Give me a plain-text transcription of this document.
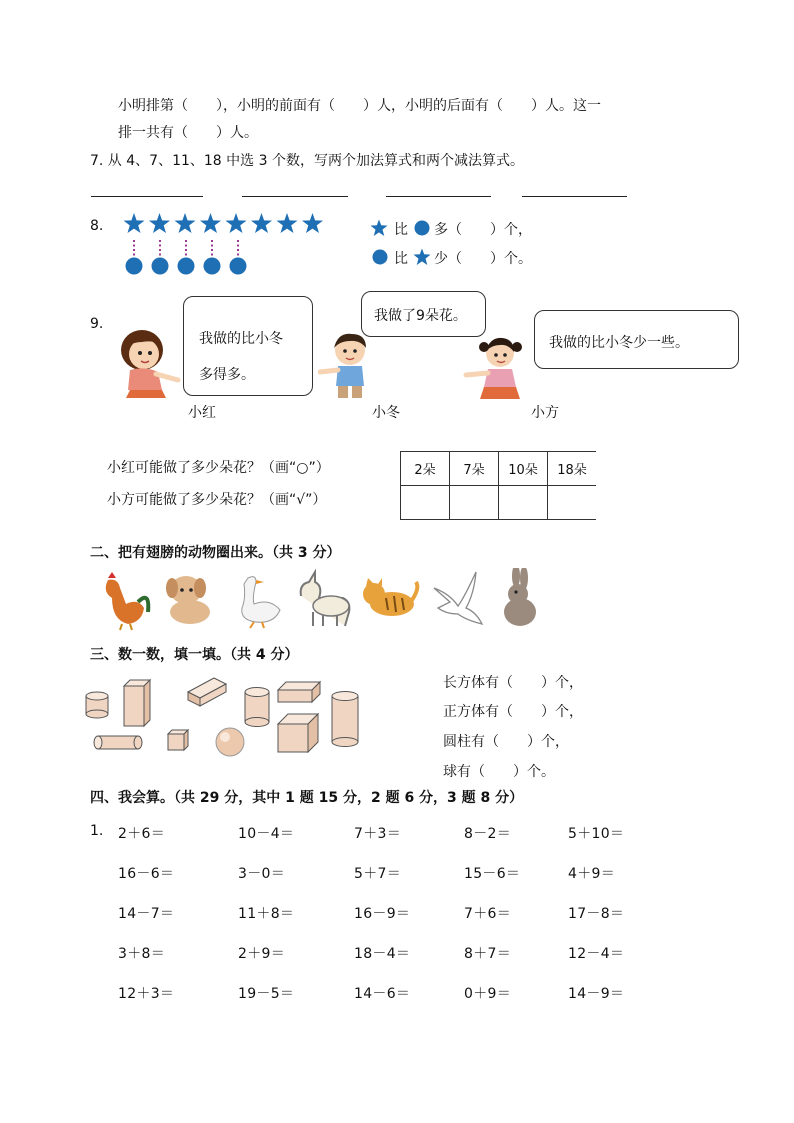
小明排第（　　），小明的前面有（　　）人，小明的后面有（　　）人。这一
排一共有（　　）人。
7. 从 4、7、11、18 中选 3 个数，写两个加法算式和两个减法算式。
8.	比 多（　　）个，
比 少（　　）个。
9.
我做的比小冬
多得多。
小红
我做了9朵花。
小冬
我做的比小冬少一些。
小方
小红可能做了多少朵花？（画“○”）
小方可能做了多少朵花？（画“√”）
2朵	7朵	10朵	18朵

二、把有翅膀的动物圈出来。（共 3 分）
三、数一数，填一填。（共 4 分）
长方体有（　　）个，
正方体有（　　）个，
圆柱有（　　）个，
球有（　　）个。
四、我会算。（共 29 分，其中 1 题 15 分，2 题 6 分，3 题 8 分）
1. 2＋6＝	10－4＝	7＋3＝	8－2＝	5＋10＝
16－6＝	3－0＝	5＋7＝	15－6＝	4＋9＝
14－7＝	11＋8＝	16－9＝	7＋6＝	17－8＝
3＋8＝	2＋9＝	18－4＝	8＋7＝	12－4＝
12＋3＝	19－5＝	14－6＝	0＋9＝	14－9＝
